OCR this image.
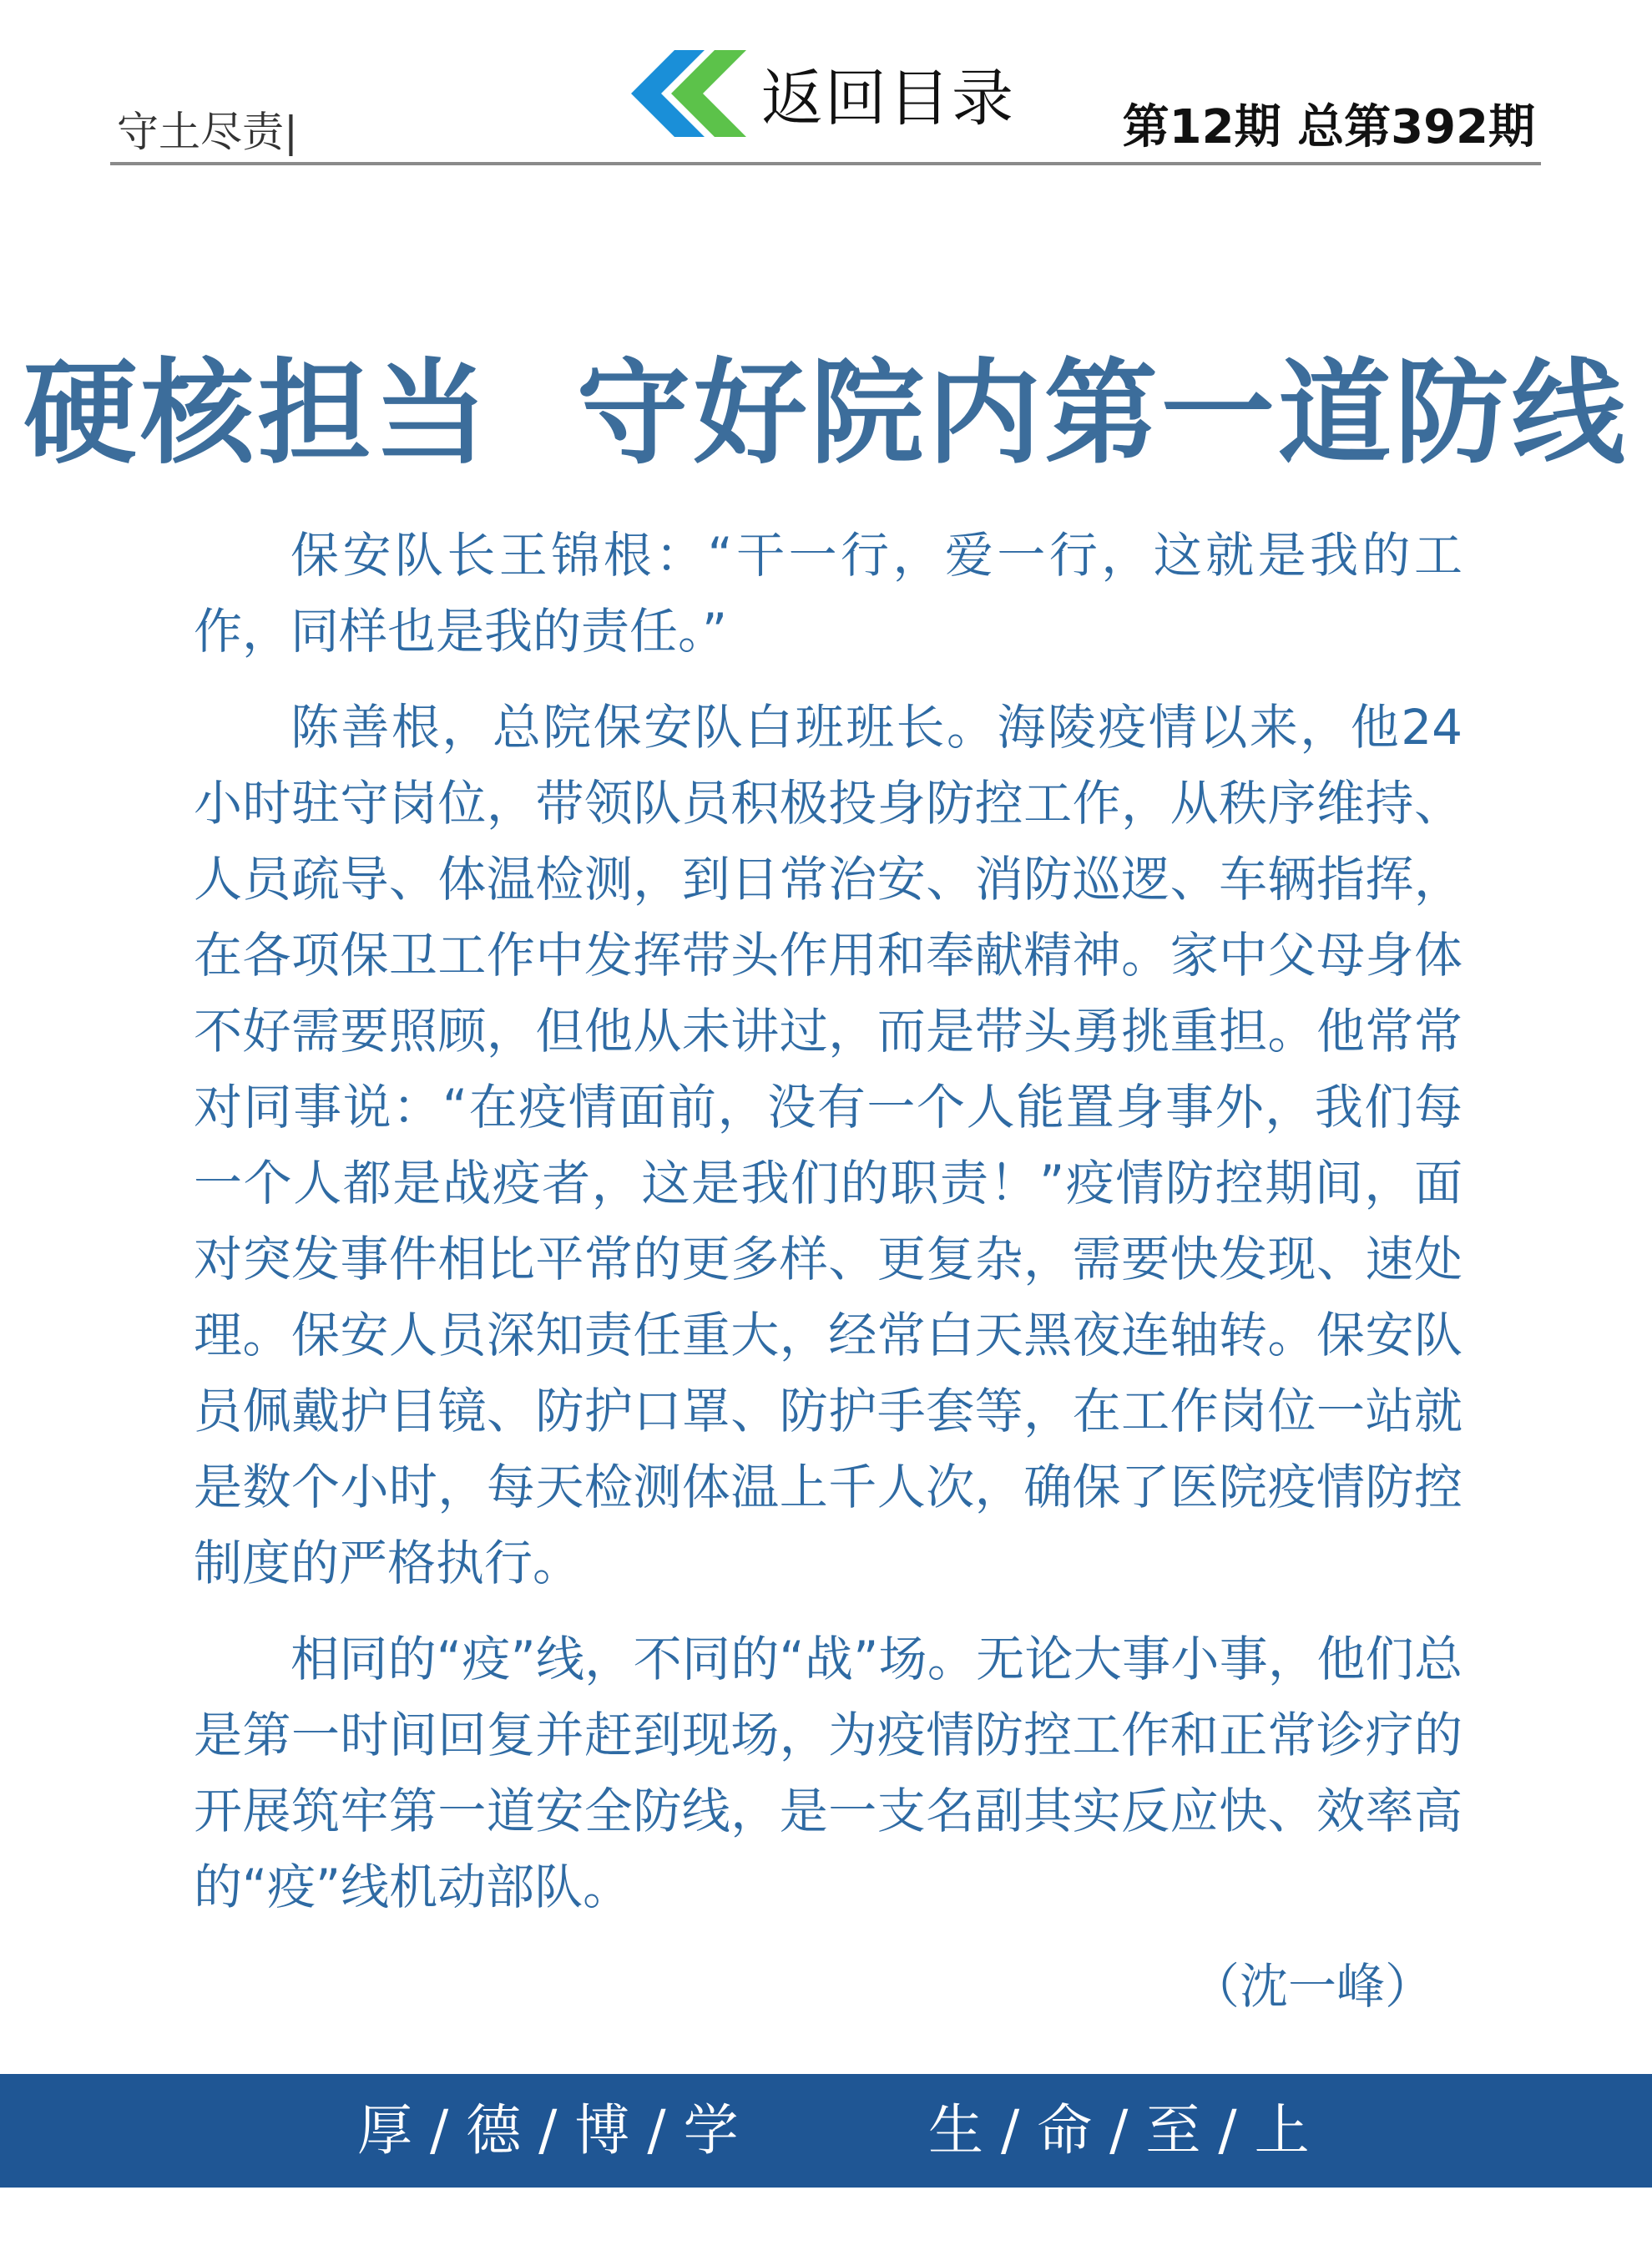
守土尽责|	返回目录 第12期 总第392期
硬核担当  守好院内第一道防线

保安队长王锦根：“干一行，爱一行，这就是我的工作，同样也是我的责任。”

陈善根，总院保安队白班班长。海陵疫情以来，他24小时驻守岗位，带领队员积极投身防控工作，从秩序维持、人员疏导、体温检测，到日常治安、消防巡逻、车辆指挥，在各项保卫工作中发挥带头作用和奉献精神。家中父母身体不好需要照顾，但他从未讲过，而是带头勇挑重担。他常常对同事说：“在疫情面前，没有一个人能置身事外，我们每一个人都是战疫者，这是我们的职责！”疫情防控期间，面对突发事件相比平常的更多样、更复杂，需要快发现、速处理。保安人员深知责任重大，经常白天黑夜连轴转。保安队员佩戴护目镜、防护口罩、防护手套等，在工作岗位一站就是数个小时，每天检测体温上千人次，确保了医院疫情防控制度的严格执行。

相同的“疫”线，不同的“战”场。无论大事小事，他们总是第一时间回复并赶到现场，为疫情防控工作和正常诊疗的开展筑牢第一道安全防线，是一支名副其实反应快、效率高的“疫”线机动部队。

（沈一峰）
厚 / 德 / 博 / 学	生 / 命 / 至 / 上
